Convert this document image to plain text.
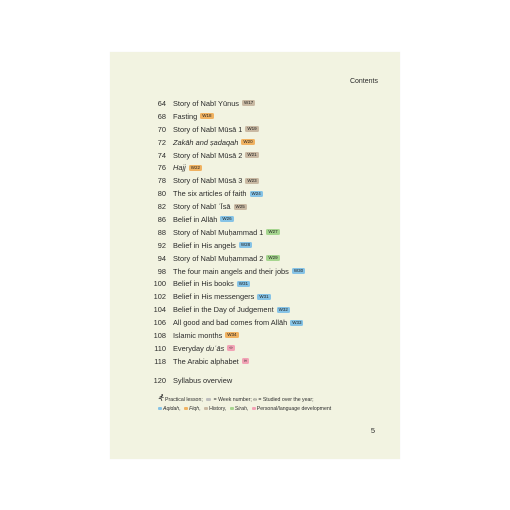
Contents
64 Story of Nabī Yūnus	W17
68 Fasting	W18
70 Story of Nabī Mūsā 1	W19
72 Zakāh and ṣadaqah	W20
74 Story of Nabī Mūsā 2	W21
76 Hajj	W22
78 Story of Nabī Mūsā 3	W23
80 The six articles of faith	W24
82 Story of Nabī ʿĪsā	W25
86 Belief in Allāh	W26
88 Story of Nabī Muḥammad 1	W27
92 Belief in His angels	W28
94 Story of Nabī Muḥammad 2	W29
98 The four main angels and their jobs	W30
100 Belief in His books	W31
102 Belief in His messengers	W31
104 Belief in the Day of Judgement	W32
106 All good and bad comes from Allāh	W33
108 Islamic months	W34
110 Everyday duʿās	∞
118 The Arabic alphabet	∞
120 Syllabus overview
Practical lesson;  = Week number; ∞ = Studied over the year;
Aqidah, Fiqh, History, Sirah, Personal/language development
5
